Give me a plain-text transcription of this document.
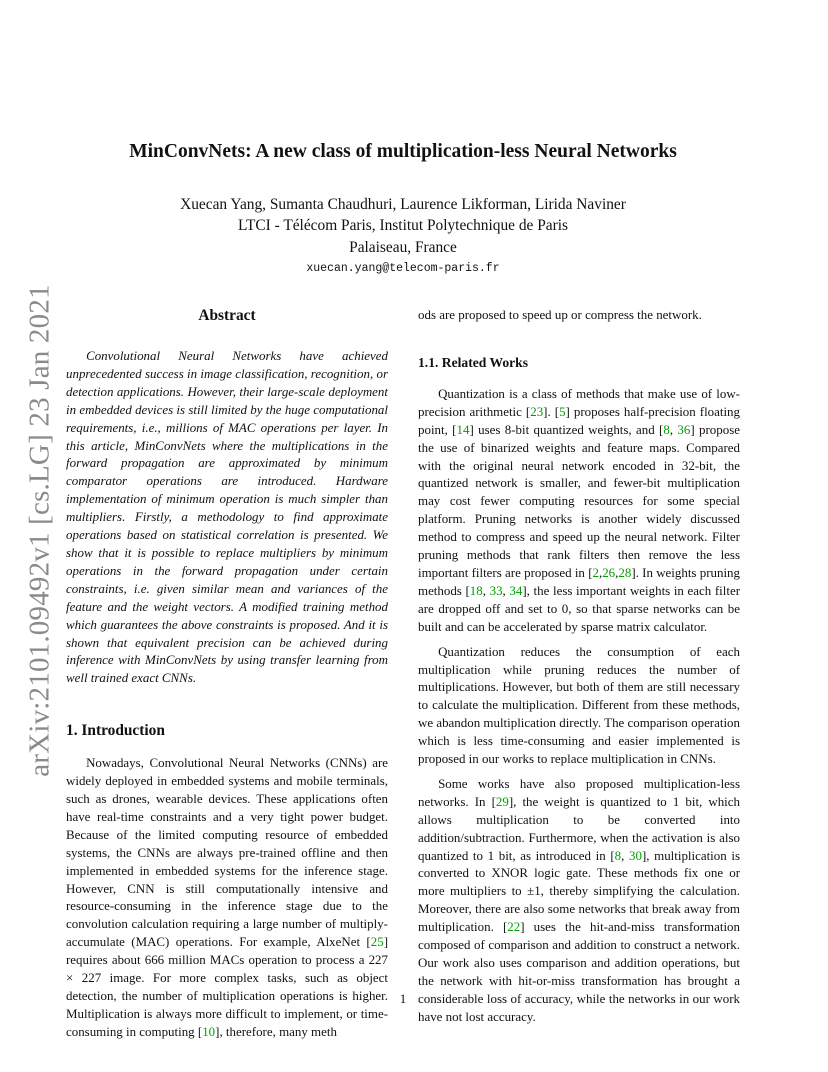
arXiv:2101.09492v1 [cs.LG] 23 Jan 2021
MinConvNets: A new class of multiplication-less Neural Networks
Xuecan Yang, Sumanta Chaudhuri, Laurence Likforman, Lirida Naviner
LTCI - Télécom Paris, Institut Polytechnique de Paris
Palaiseau, France
xuecan.yang@telecom-paris.fr
Abstract

Convolutional Neural Networks have achieved unprecedented success in image classification, recognition, or detection applications. However, their large-scale deployment in embedded devices is still limited by the huge computational requirements, i.e., millions of MAC operations per layer. In this article, MinConvNets where the multiplications in the forward propagation are approximated by minimum comparator operations are introduced. Hardware implementation of minimum operation is much simpler than multipliers. Firstly, a methodology to find approximate operations based on statistical correlation is presented. We show that it is possible to replace multipliers by minimum operations in the forward propagation under certain constraints, i.e. given similar mean and variances of the feature and the weight vectors. A modified training method which guarantees the above constraints is proposed. And it is shown that equivalent precision can be achieved during inference with MinConvNets by using transfer learning from well trained exact CNNs.

1. Introduction

Nowadays, Convolutional Neural Networks (CNNs) are widely deployed in embedded systems and mobile terminals, such as drones, wearable devices. These applications often have real-time constraints and a very tight power budget. Because of the limited computing resource of embedded systems, the CNNs are always pre-trained offline and then implemented in embedded systems for the inference stage. However, CNN is still computationally intensive and resource-consuming in the inference stage due to the convolution calculation requiring a large number of multiply-accumulate (MAC) operations. For example, AlxeNet [25] requires about 666 million MACs operation to process a 227 × 227 image. For more complex tasks, such as object detection, the number of multiplication operations is higher. Multiplication is always more difficult to implement, or time-consuming in computing [10], therefore, many meth

ods are proposed to speed up or compress the network.

1.1. Related Works

Quantization is a class of methods that make use of low-precision arithmetic [23]. [5] proposes half-precision floating point, [14] uses 8-bit quantized weights, and [8, 36] propose the use of binarized weights and feature maps. Compared with the original neural network encoded in 32-bit, the quantized network is smaller, and fewer-bit multiplication may cost fewer computing resources for some special platform. Pruning networks is another widely discussed method to compress and speed up the neural network. Filter pruning methods that rank filters then remove the less important filters are proposed in [2,26,28]. In weights pruning methods [18, 33, 34], the less important weights in each filter are dropped off and set to 0, so that sparse networks can be built and can be accelerated by sparse matrix calculator.

Quantization reduces the consumption of each multiplication while pruning reduces the number of multiplications. However, but both of them are still necessary to calculate the multiplication. Different from these methods, we abandon multiplication directly. The comparison operation which is less time-consuming and easier implemented is proposed in our works to replace multiplication in CNNs.

Some works have also proposed multiplication-less networks. In [29], the weight is quantized to 1 bit, which allows multiplication to be converted into addition/subtraction. Furthermore, when the activation is also quantized to 1 bit, as introduced in [8, 30], multiplication is converted to XNOR logic gate. These methods fix one or more multipliers to ±1, thereby simplifying the calculation. Moreover, there are also some networks that break away from multiplication. [22] uses the hit-and-miss transformation composed of comparison and addition to construct a network. Our work also uses comparison and addition operations, but the network with hit-or-miss transformation has brought a considerable loss of accuracy, while the networks in our work have not lost accuracy.

1
